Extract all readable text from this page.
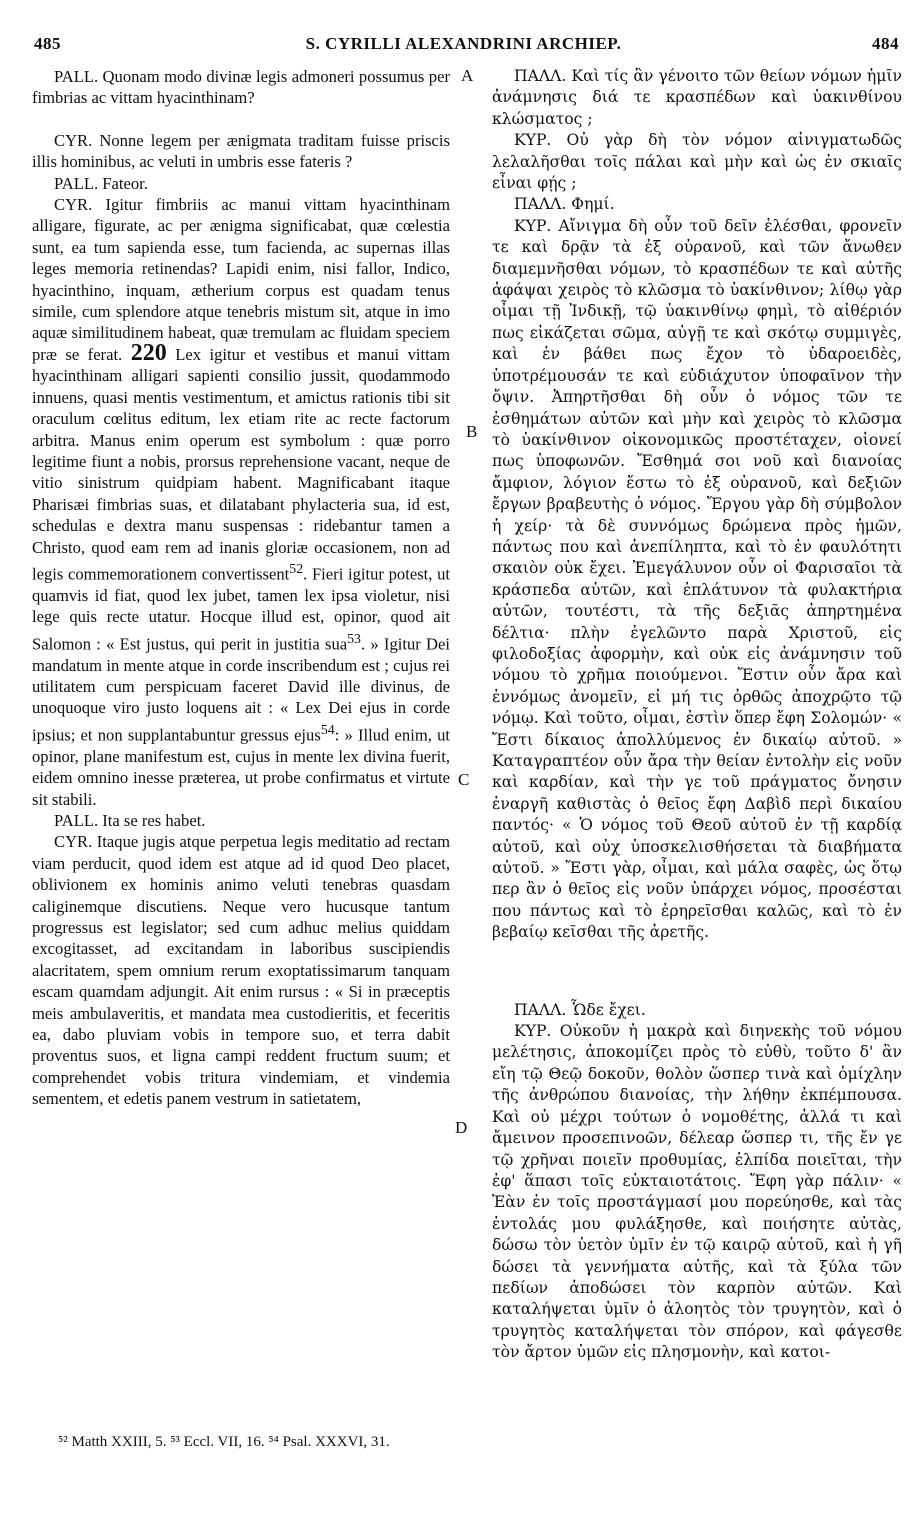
485	S. CYRILLI ALEXANDRINI ARCHIEP.	484
A
B
C
D

PALL. Quonam modo divinæ legis admoneri possumus per fimbrias ac vittam hyacinthinam?

CYR. Nonne legem per ænigmata traditam fuisse priscis illis hominibus, ac veluti in umbris esse fateris ?

PALL. Fateor.

CYR. Igitur fimbriis ac manui vittam hyacinthinam alligare, figurate, ac per ænigma significabat, quæ cœlestia sunt, ea tum sapienda esse, tum facienda, ac supernas illas leges memoria retinendas? Lapidi enim, nisi fallor, Indico, hyacinthino, inquam, ætherium corpus est quadam tenus simile, cum splendore atque tenebris mistum sit, atque in imo aquæ similitudinem habeat, quæ tremulam ac fluidam speciem præ se ferat. 220 Lex igitur et vestibus et manui vittam hyacinthinam alligari sapienti consilio jussit, quodammodo innuens, quasi mentis vestimentum, et amictus rationis tibi sit oraculum cœlitus editum, lex etiam rite ac recte factorum arbitra. Manus enim operum est symbolum : quæ porro legitime fiunt a nobis, prorsus reprehensione vacant, neque de vitio sinistrum quidpiam habent. Magnificabant itaque Pharisæi fimbrias suas, et dilatabant phylacteria sua, id est, schedulas e dextra manu suspensas : ridebantur tamen a Christo, quod eam rem ad inanis gloriæ occasionem, non ad legis commemorationem convertissent$^{52}$. Fieri igitur potest, ut quamvis id fiat, quod lex jubet, tamen lex ipsa violetur, nisi lege quis recte utatur. Hocque illud est, opinor, quod ait Salomon : « Est justus, qui perit in justitia sua$^{53}$. » Igitur Dei mandatum in mente atque in corde inscribendum est ; cujus rei utilitatem cum perspicuam faceret David ille divinus, de unoquoque viro justo loquens ait : « Lex Dei ejus in corde ipsius; et non supplantabuntur gressus ejus$^{54}$: » Illud enim, ut opinor, plane manifestum est, cujus in mente lex divina fuerit, eidem omnino inesse præterea, ut probe confirmatus et virtute sit stabili.

PALL. Ita se res habet.

CYR. Itaque jugis atque perpetua legis meditatio ad rectam viam perducit, quod idem est atque ad id quod Deo placet, oblivionem ex hominis animo veluti tenebras quasdam caliginemque discutiens. Neque vero hucusque tantum progressus est legislator; sed cum adhuc melius quiddam excogitasset, ad excitandam in laboribus suscipiendis alacritatem, spem omnium rerum exoptatissimarum tanquam escam quamdam adjungit. Ait enim rursus : « Si in præceptis meis ambulaveritis, et mandata mea custodieritis, et feceritis ea, dabo pluviam vobis in tempore suo, et terra dabit proventus suos, et ligna campi reddent fructum suum; et comprehendet vobis tritura vindemiam, et vindemia sementem, et edetis panem vestrum in satietatem,

ΠΑΛΛ. Καὶ τίς ἂν γένοιτο τῶν θείων νόμων ἡμῖν ἀνάμνησις διά τε κρασπέδων καὶ ὑακινθίνου κλώσματος ;

ΚΥΡ. Οὐ γὰρ δὴ τὸν νόμον αἰνιγματωδῶς λελαλῆσθαι τοῖς πάλαι καὶ μὴν καὶ ὡς ἐν σκιαῖς εἶναι φῄς ;

ΠΑΛΛ. Φημί.

ΚΥΡ. Αἴνιγμα δὴ οὖν τοῦ δεῖν ἑλέσθαι, φρονεῖν τε καὶ δρᾷν τὰ ἐξ οὐρανοῦ, καὶ τῶν ἄνωθεν διαμεμνῆσθαι νόμων, τὸ κρασπέδων τε καὶ αὐτῆς ἀφάψαι χειρὸς τὸ κλῶσμα τὸ ὑακίνθινον; λίθῳ γὰρ οἶμαι τῇ Ἰνδικῇ, τῷ ὑακινθίνῳ φημὶ, τὸ αἰθέριόν πως εἰκάζεται σῶμα, αὐγῇ τε καὶ σκότῳ συμμιγὲς, καὶ ἐν βάθει πως ἔχον τὸ ὑδαροειδὲς, ὑποτρέμουσάν τε καὶ εὐδιάχυτον ὑποφαῖνον τὴν ὄψιν. Ἀπηρτῆσθαι δὴ οὖν ὁ νόμος τῶν τε ἐσθημάτων αὐτῶν καὶ μὴν καὶ χειρὸς τὸ κλῶσμα τὸ ὑακίνθινον οἰκονομικῶς προστέταχεν, οἱονεί πως ὑποφωνῶν. Ἔσθημά σοι νοῦ καὶ διανοίας ἄμφιον, λόγιον ἔστω τὸ ἐξ οὐρανοῦ, καὶ δεξιῶν ἔργων βραβευτὴς ὁ νόμος. Ἔργου γὰρ δὴ σύμβολον ἡ χείρ· τὰ δὲ συννόμως δρώμενα πρὸς ἡμῶν, πάντως που καὶ ἀνεπίληπτα, καὶ τὸ ἐν φαυλότητι σκαιὸν οὐκ ἔχει. Ἐμεγάλυνον οὖν οἱ Φαρισαῖοι τὰ κράσπεδα αὐτῶν, καὶ ἐπλάτυνον τὰ φυλακτήρια αὐτῶν, τουτέστι, τὰ τῆς δεξιᾶς ἀπηρτημένα δέλτια· πλὴν ἐγελῶντο παρὰ Χριστοῦ, εἰς φιλοδοξίας ἀφορμὴν, καὶ οὐκ εἰς ἀνάμνησιν τοῦ νόμου τὸ χρῆμα ποιούμενοι. Ἔστιν οὖν ἄρα καὶ ἐννόμως ἀνομεῖν, εἰ μή τις ὀρθῶς ἀποχρῷτο τῷ νόμῳ. Καὶ τοῦτο, οἶμαι, ἐστὶν ὅπερ ἔφη Σολομών· « Ἔστι δίκαιος ἀπολλύμενος ἐν δικαίῳ αὐτοῦ. » Καταγραπτέον οὖν ἄρα τὴν θείαν ἐντολὴν εἰς νοῦν καὶ καρδίαν, καὶ τὴν γε τοῦ πράγματος ὄνησιν ἐναργῆ καθιστὰς ὁ θεῖος ἔφη Δαβὶδ περὶ δικαίου παντός· « Ὁ νόμος τοῦ Θεοῦ αὐτοῦ ἐν τῇ καρδίᾳ αὐτοῦ, καὶ οὐχ ὑποσκελισθήσεται τὰ διαβήματα αὐτοῦ. » Ἔστι γὰρ, οἶμαι, καὶ μάλα σαφὲς, ὡς ὅτῳ περ ἂν ὁ θεῖος εἰς νοῦν ὑπάρχει νόμος, προσέσται που πάντως καὶ τὸ ἐρηρεῖσθαι καλῶς, καὶ τὸ ἐν βεβαίῳ κεῖσθαι τῆς ἀρετῆς.

ΠΑΛΛ. Ὧδε ἔχει.

ΚΥΡ. Οὐκοῦν ἡ μακρὰ καὶ διηνεκὴς τοῦ νόμου μελέτησις, ἀποκομίζει πρὸς τὸ εὐθὺ, τοῦτο δ' ἂν εἴη τῷ Θεῷ δοκοῦν, θολὸν ὥσπερ τινὰ καὶ ὁμίχλην τῆς ἀνθρώπου διανοίας, τὴν λήθην ἐκπέμπουσα. Καὶ οὐ μέχρι τούτων ὁ νομοθέτης, ἀλλά τι καὶ ἄμεινον προσεπινοῶν, δέλεαρ ὥσπερ τι, τῆς ἔν γε τῷ χρῆναι ποιεῖν προθυμίας, ἐλπίδα ποιεῖται, τὴν ἐφ' ἅπασι τοῖς εὐκταιοτάτοις. Ἔφη γὰρ πάλιν· « Ἐὰν ἐν τοῖς προστάγμασί μου πορεύησθε, καὶ τὰς ἐντολάς μου φυλάξησθε, καὶ ποιήσητε αὐτὰς, δώσω τὸν ὑετὸν ὑμῖν ἐν τῷ καιρῷ αὐτοῦ, καὶ ἡ γῆ δώσει τὰ γεννήματα αὐτῆς, καὶ τὰ ξύλα τῶν πεδίων ἀποδώσει τὸν καρπὸν αὐτῶν. Καὶ καταλήψεται ὑμῖν ὁ ἀλοητὸς τὸν τρυγητὸν, καὶ ὁ τρυγητὸς καταλήψεται τὸν σπόρον, καὶ φάγεσθε τὸν ἄρτον ὑμῶν εἰς πλησμονὴν, καὶ κατοι-

⁵² Matth XXIII, 5. ⁵³ Eccl. VII, 16. ⁵⁴ Psal. XXXVI, 31.
